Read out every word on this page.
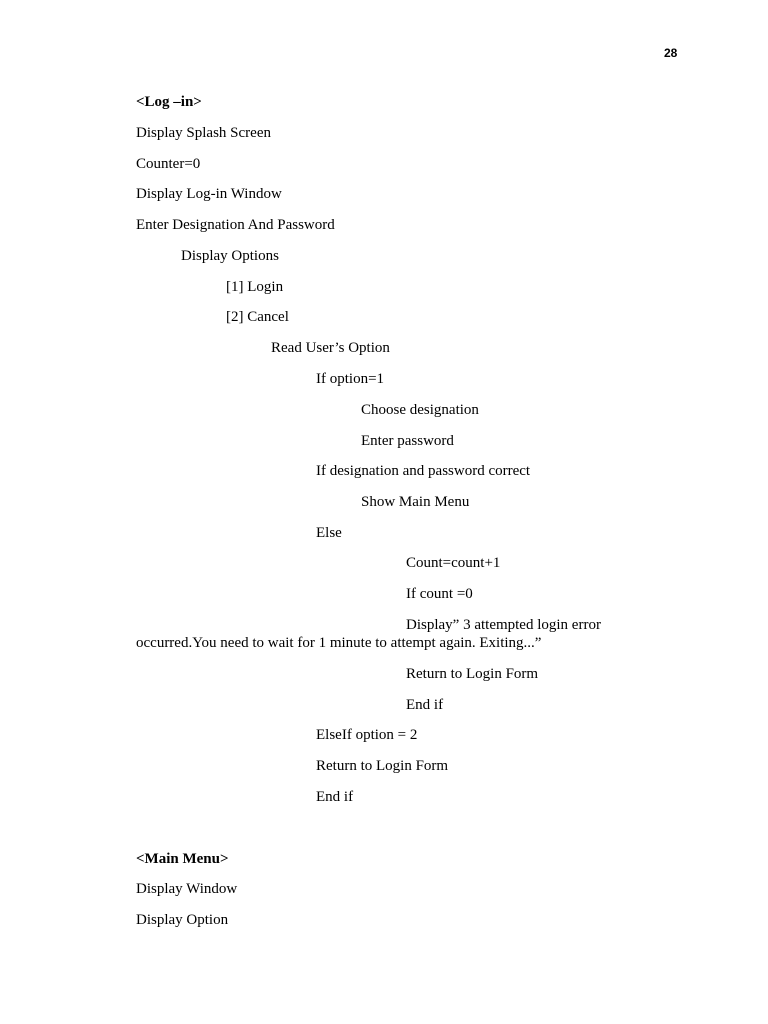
28
<Log –in>
Display Splash Screen
Counter=0
Display Log-in Window
Enter Designation And Password
Display Options
[1] Login
[2] Cancel
Read User’s Option
If option=1
Choose designation
Enter password
If designation and password correct
Show Main Menu
Else
Count=count+1
If count =0
Display” 3 attempted login error
occurred.You need to wait for 1 minute to attempt again. Exiting...”
Return to Login Form
End if
ElseIf option = 2
Return to Login Form
End if
<Main Menu>
Display Window
Display Option
